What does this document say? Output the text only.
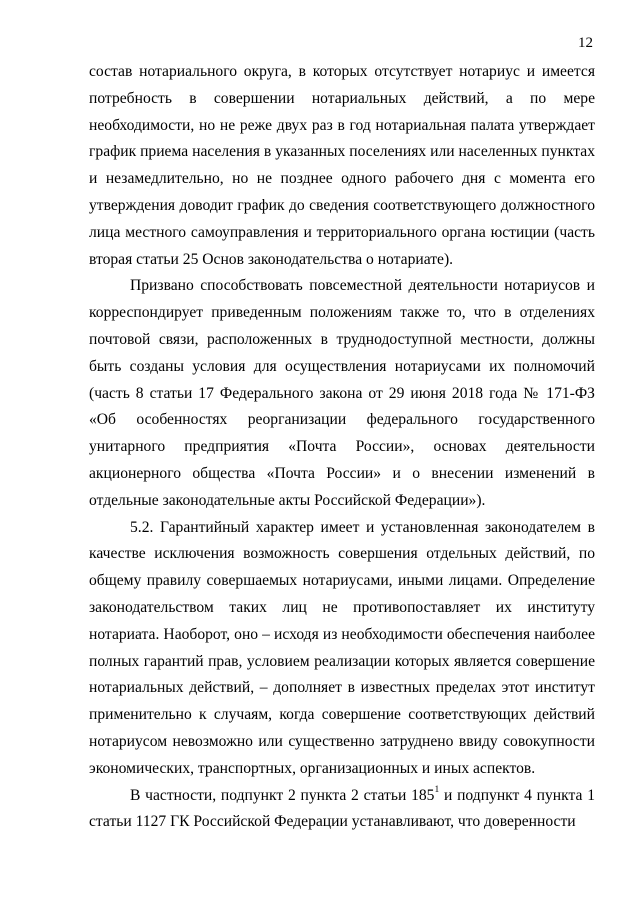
12

состав нотариального округа, в которых отсутствует нотариус и имеется потребность в совершении нотариальных действий, а по мере необходимости, но не реже двух раз в год нотариальная палата утверждает график приема населения в указанных поселениях или населенных пунктах и незамедлительно, но не позднее одного рабочего дня с момента его утверждения доводит график до сведения соответствующего должностного лица местного самоуправления и территориального органа юстиции (часть вторая статьи 25 Основ законодательства о нотариате).

Призвано способствовать повсеместной деятельности нотариусов и корреспондирует приведенным положениям также то, что в отделениях почтовой связи, расположенных в труднодоступной местности, должны быть созданы условия для осуществления нотариусами их полномочий (часть 8 статьи 17 Федерального закона от 29 июня 2018 года № 171-ФЗ «Об особенностях реорганизации федерального государственного унитарного предприятия «Почта России», основах деятельности акционерного общества «Почта России» и о внесении изменений в отдельные законодательные акты Российской Федерации»).

5.2. Гарантийный характер имеет и установленная законодателем в качестве исключения возможность совершения отдельных действий, по общему правилу совершаемых нотариусами, иными лицами. Определение законодательством таких лиц не противопоставляет их институту нотариата. Наоборот, оно – исходя из необходимости обеспечения наиболее полных гарантий прав, условием реализации которых является совершение нотариальных действий, – дополняет в известных пределах этот институт применительно к случаям, когда совершение соответствующих действий нотариусом невозможно или существенно затруднено ввиду совокупности экономических, транспортных, организационных и иных аспектов.

В частности, подпункт 2 пункта 2 статьи $185^1$ и подпункт 4 пункта 1 статьи 1127 ГК Российской Федерации устанавливают, что доверенности
